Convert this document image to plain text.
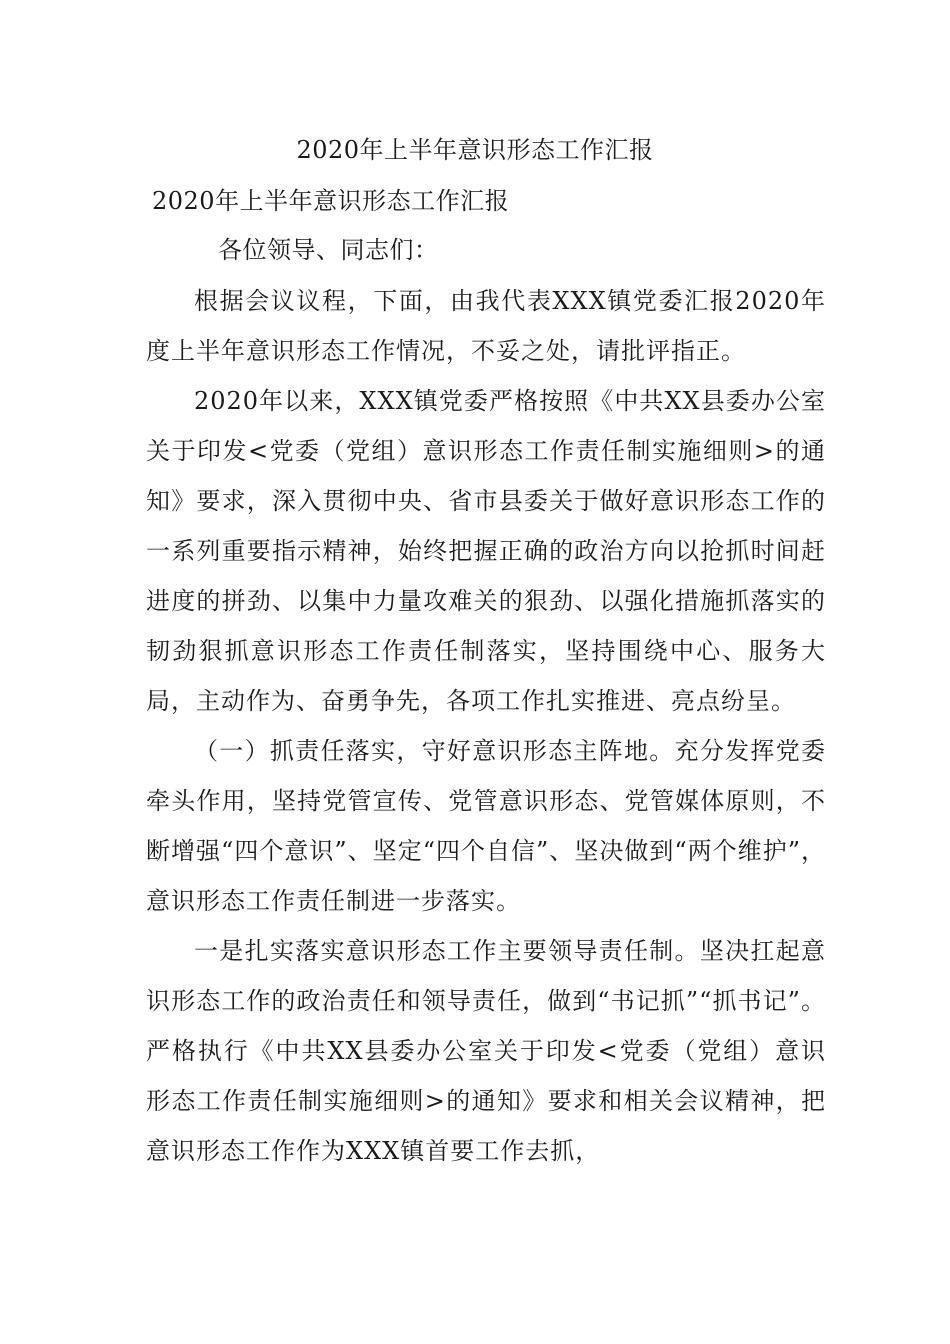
2020年上半年意识形态工作汇报
2020年上半年意识形态工作汇报

各位领导、同志们：

根据会议议程，下面，由我代表XXX镇党委汇报2020年度上半年意识形态工作情况，不妥之处，请批评指正。

2020年以来，XXX镇党委严格按照《中共XX县委办公室关于印发<党委（党组）意识形态工作责任制实施细则>的通知》要求，深入贯彻中央、省市县委关于做好意识形态工作的一系列重要指示精神，始终把握正确的政治方向以抢抓时间赶进度的拼劲、以集中力量攻难关的狠劲、以强化措施抓落实的韧劲狠抓意识形态工作责任制落实，坚持围绕中心、服务大局，主动作为、奋勇争先，各项工作扎实推进、亮点纷呈。

（一）抓责任落实，守好意识形态主阵地。充分发挥党委牵头作用，坚持党管宣传、党管意识形态、党管媒体原则，不断增强“四个意识”、坚定“四个自信”、坚决做到“两个维护”，意识形态工作责任制进一步落实。

一是扎实落实意识形态工作主要领导责任制。坚决扛起意识形态工作的政治责任和领导责任，做到“书记抓”“抓书记”。严格执行《中共XX县委办公室关于印发<党委（党组）意识形态工作责任制实施细则>的通知》要求和相关会议精神，把意识形态工作作为XXX镇首要工作去抓，
